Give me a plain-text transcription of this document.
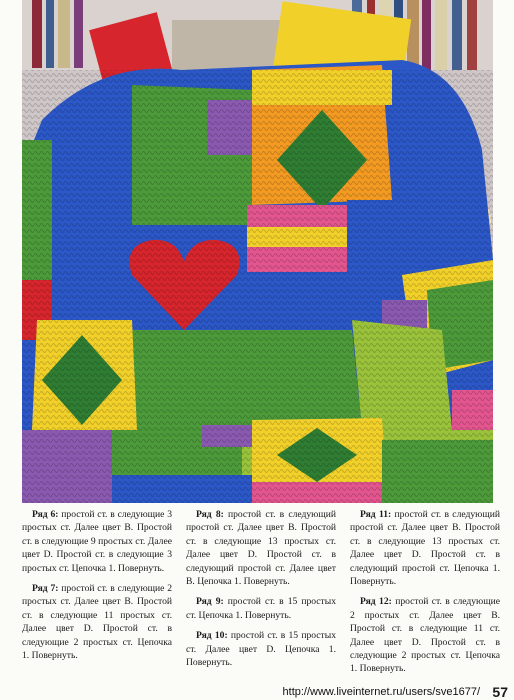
Ряд 6: простой ст. в следующие 3 простых ст. Далее цвет B. Простой ст. в следующие 9 простых ст. Далее цвет D. Простой ст. в следующие 3 простых ст. Цепочка 1. Повернуть.

Ряд 7: простой ст. в следующие 2 простых ст. Далее цвет B. Простой ст. в следующие 11 простых ст. Далее цвет D. Простой ст. в следующие 2 простых ст. Цепочка 1. Повернуть.

Ряд 8: простой ст. в следующий простой ст. Далее цвет B. Простой ст. в следующие 13 простых ст. Далее цвет D. Простой ст. в следующий простой ст. Далее цвет B. Цепочка 1. Повернуть.

Ряд 9: простой ст. в 15 простых ст. Цепочка 1. Повернуть.

Ряд 10: простой ст. в 15 простых ст. Далее цвет D. Цепочка 1. Повернуть.

Ряд 11: простой ст. в следующий простой ст. Далее цвет B. Простой ст. в следующие 13 простых ст. Далее цвет D. Простой ст. в следующий простой ст. Цепочка 1. Повернуть.

Ряд 12: простой ст. в следующие 2 простых ст. Далее цвет B. Простой ст. в следующие 11 ст. Далее цвет D. Простой ст. в следующие 2 простых ст. Цепочка 1. Повернуть.

http://www.liveinternet.ru/users/sve1677/ 57
